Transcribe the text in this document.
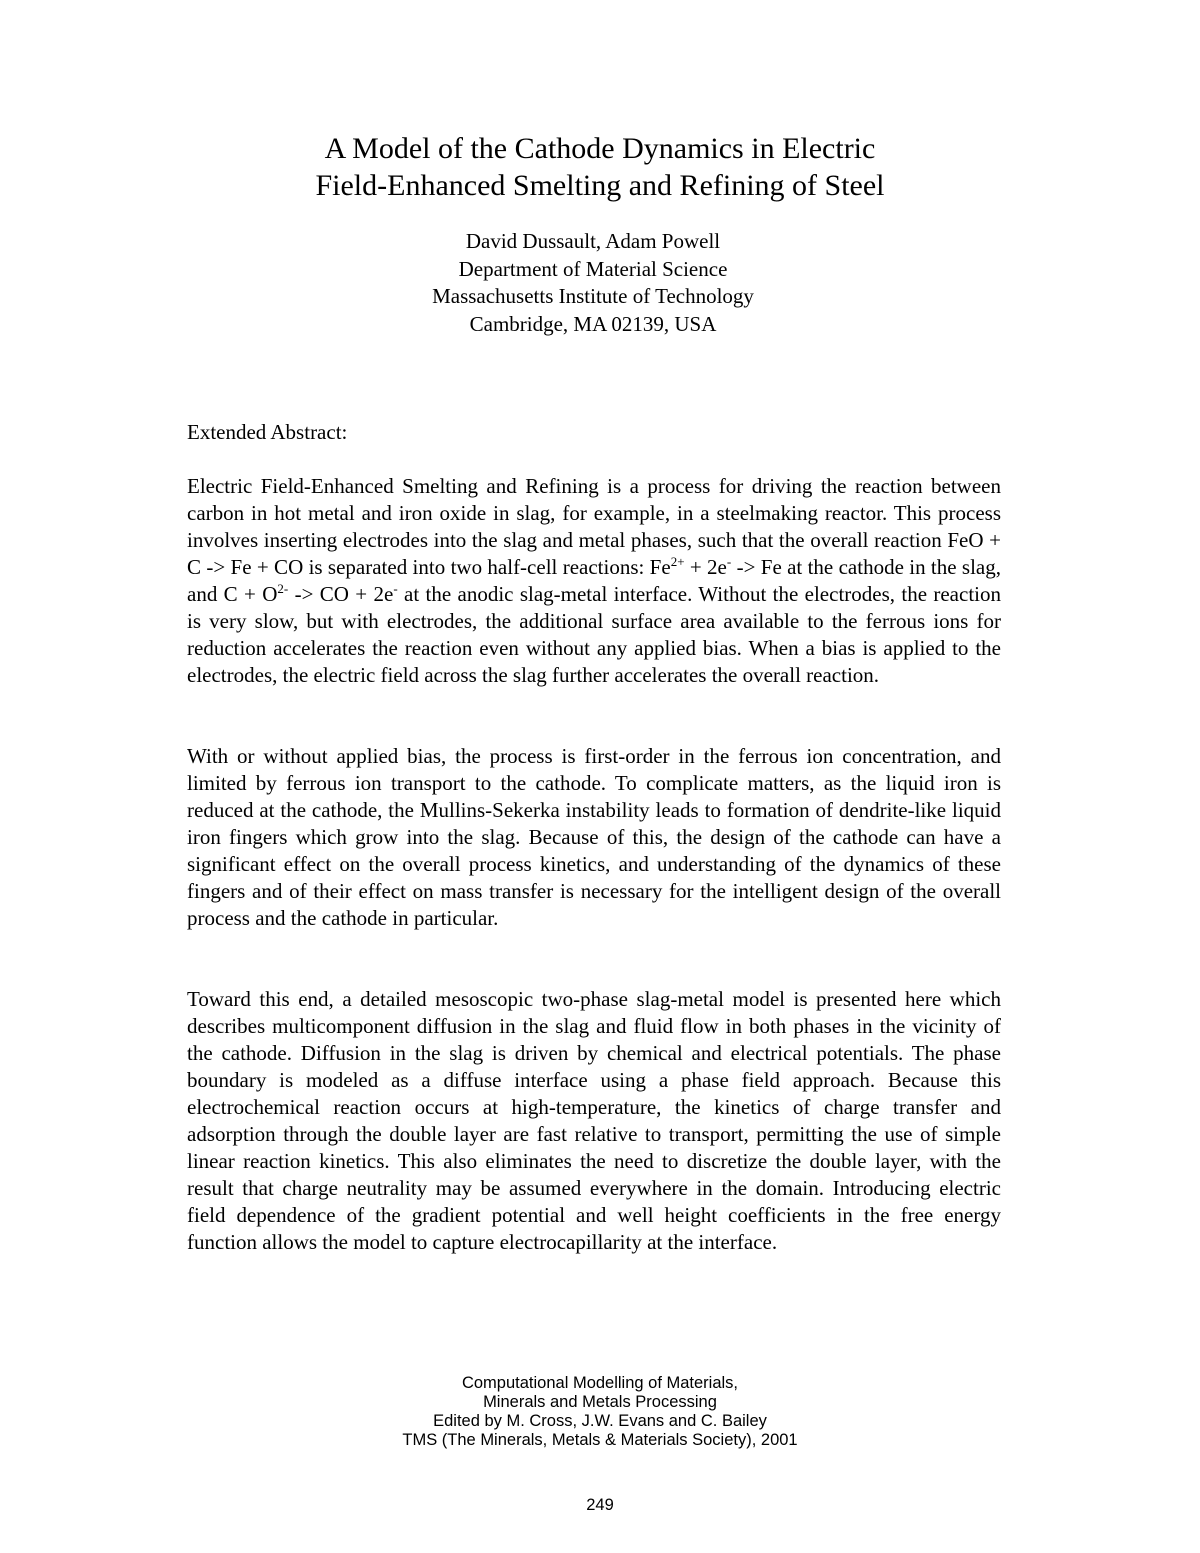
A Model of the Cathode Dynamics in Electric
Field-Enhanced Smelting and Refining of Steel
David Dussault, Adam Powell
Department of Material Science
Massachusetts Institute of Technology
Cambridge, MA 02139, USA
Extended Abstract:

Electric Field-Enhanced Smelting and Refining is a process for driving the reaction between carbon in hot metal and iron oxide in slag, for example, in a steelmaking reactor. This process involves inserting electrodes into the slag and metal phases, such that the overall reaction FeO + C -> Fe + CO is separated into two half-cell reactions: $Fe^{2+} + 2e^- -> Fe$ at the cathode in the slag, and $C + O^{2-}$ -> CO + 2e- at the anodic slag-metal interface. Without the electrodes, the reaction is very slow, but with electrodes, the additional surface area available to the ferrous ions for reduction accelerates the reaction even without any applied bias. When a bias is applied to the electrodes, the electric field across the slag further accelerates the overall reaction.

With or without applied bias, the process is first-order in the ferrous ion concentration, and limited by ferrous ion transport to the cathode. To complicate matters, as the liquid iron is reduced at the cathode, the Mullins-Sekerka instability leads to formation of dendrite-like liquid iron fingers which grow into the slag. Because of this, the design of the cathode can have a significant effect on the overall process kinetics, and understanding of the dynamics of these fingers and of their effect on mass transfer is necessary for the intelligent design of the overall process and the cathode in particular.

Toward this end, a detailed mesoscopic two-phase slag-metal model is presented here which describes multicomponent diffusion in the slag and fluid flow in both phases in the vicinity of the cathode. Diffusion in the slag is driven by chemical and electrical potentials. The phase boundary is modeled as a diffuse interface using a phase field approach. Because this electrochemical reaction occurs at high-temperature, the kinetics of charge transfer and adsorption through the double layer are fast relative to transport, permitting the use of simple linear reaction kinetics. This also eliminates the need to discretize the double layer, with the result that charge neutrality may be assumed everywhere in the domain. Introducing electric field dependence of the gradient potential and well height coefficients in the free energy function allows the model to capture electrocapillarity at the interface.

Computational Modelling of Materials,
Minerals and Metals Processing
Edited by M. Cross, J.W. Evans and C. Bailey
TMS (The Minerals, Metals & Materials Society), 2001
249
